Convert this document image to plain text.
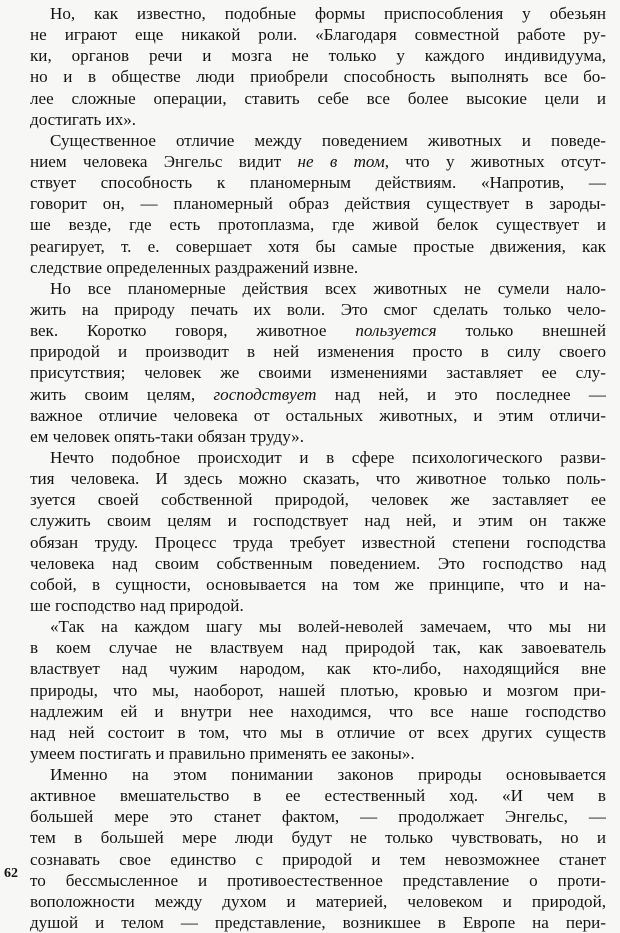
Но, как известно, подобные формы приспособления у обезьян
не играют еще никакой роли. «Благодаря совместной работе ру-
ки, органов речи и мозга не только у каждого индивидуума,
но и в обществе люди приобрели способность выполнять все бо-
лее сложные операции, ставить себе все более высокие цели и
достигать их».
Существенное отличие между поведением животных и поведе-
нием человека Энгельс видит не в том, что у животных отсут-
ствует способность к планомерным действиям. «Напротив, —
говорит он, — планомерный образ действия существует в зароды-
ше везде, где есть протоплазма, где живой белок существует и
реагирует, т. е. совершает хотя бы самые простые движения, как
следствие определенных раздражений извне.
Но все планомерные действия всех животных не сумели нало-
жить на природу печать их воли. Это смог сделать только чело-
век. Коротко говоря, животное пользуется только внешней
природой и производит в ней изменения просто в силу своего
присутствия; человек же своими изменениями заставляет ее слу-
жить своим целям, господствует над ней, и это последнее —
важное отличие человека от остальных животных, и этим отличи-
ем человек опять-таки обязан труду».
Нечто подобное происходит и в сфере психологического разви-
тия человека. И здесь можно сказать, что животное только поль-
зуется своей собственной природой, человек же заставляет ее
служить своим целям и господствует над ней, и этим он также
обязан труду. Процесс труда требует известной степени господства
человека над своим собственным поведением. Это господство над
собой, в сущности, основывается на том же принципе, что и на-
ше господство над природой.
«Так на каждом шагу мы волей-неволей замечаем, что мы ни
в коем случае не властвуем над природой так, как завоеватель
властвует над чужим народом, как кто-либо, находящийся вне
природы, что мы, наоборот, нашей плотью, кровью и мозгом при-
надлежим ей и внутри нее находимся, что все наше господство
над ней состоит в том, что мы в отличие от всех других существ
умеем постигать и правильно применять ее законы».
Именно на этом понимании законов природы основывается
активное вмешательство в ее естественный ход. «И чем в
большей мере это станет фактом, — продолжает Энгельс, —
тем в большей мере люди будут не только чувствовать, но и
сознавать свое единство с природой и тем невозможнее станет
то бессмысленное и противоестественное представление о проти-
воположности между духом и материей, человеком и природой,
душой и телом — представление, возникшее в Европе на пери-
62
